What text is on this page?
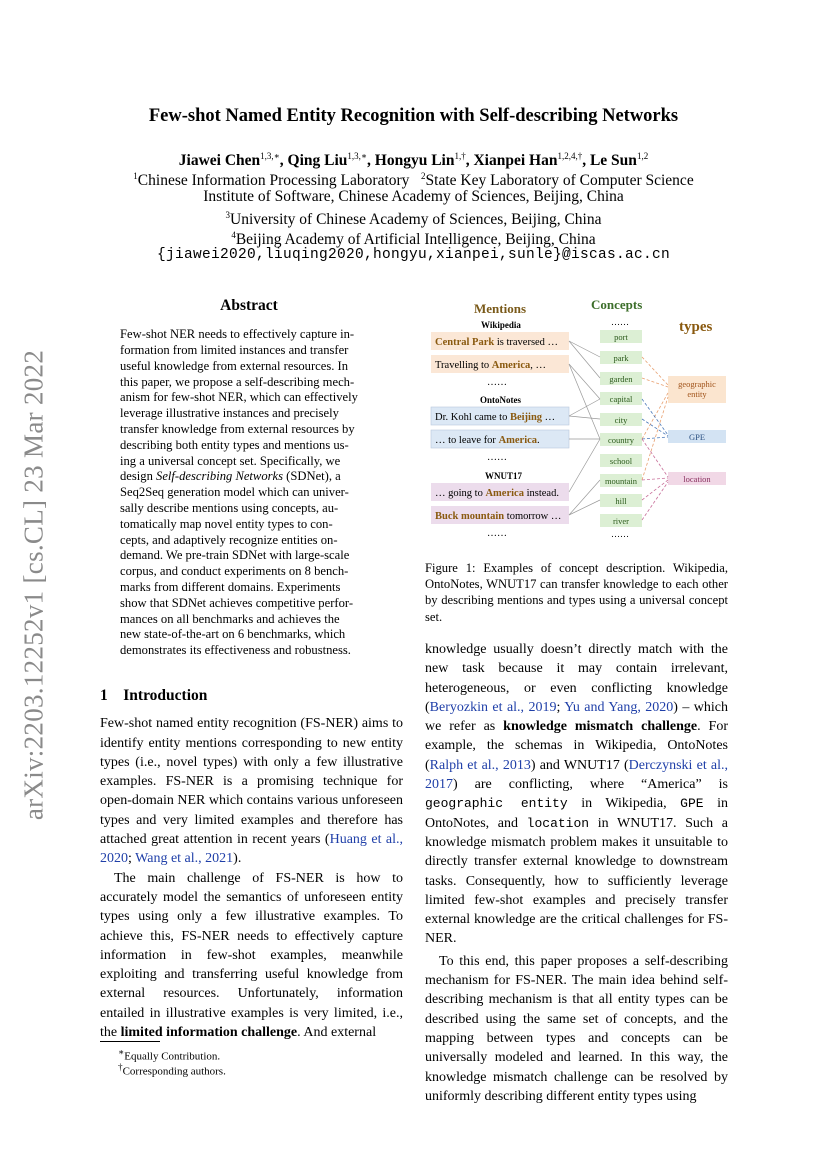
arXiv:2203.12252v1 [cs.CL] 23 Mar 2022
Few-shot Named Entity Recognition with Self-describing Networks
Jiawei Chen$^{1,3,∗}$, Qing Liu$^{1,3,∗}$, Hongyu Lin$^{1,\dagger}$, Xianpei Han$^{1,2,4,\dagger}$, Le Sun$^{1,2}$
$^1$Chinese Information Processing Laboratory $^2$State Key Laboratory of Computer Science
Institute of Software, Chinese Academy of Sciences, Beijing, China
$^3$University of Chinese Academy of Sciences, Beijing, China
$^4$Beijing Academy of Artificial Intelligence, Beijing, China
{jiawei2020,liuqing2020,hongyu,xianpei,sunle}@iscas.ac.cn
Abstract
Few-shot NER needs to effectively capture in-
formation from limited instances and transfer
useful knowledge from external resources. In
this paper, we propose a self-describing mech-
anism for few-shot NER, which can effectively
leverage illustrative instances and precisely
transfer knowledge from external resources by
describing both entity types and mentions us-
ing a universal concept set. Specifically, we
design Self-describing Networks (SDNet), a
Seq2Seq generation model which can univer-
sally describe mentions using concepts, au-
tomatically map novel entity types to con-
cepts, and adaptively recognize entities on-
demand. We pre-train SDNet with large-scale
corpus, and conduct experiments on 8 bench-
marks from different domains. Experiments
show that SDNet achieves competitive perfor-
mances on all benchmarks and achieves the
new state-of-the-art on 6 benchmarks, which
demonstrates its effectiveness and robustness.
1 Introduction

Few-shot named entity recognition (FS-NER) aims to identify entity mentions corresponding to new entity types (i.e., novel types) with only a few illustrative examples. FS-NER is a promising technique for open-domain NER which contains various unforeseen types and very limited examples and therefore has attached great attention in recent years (Huang et al., 2020; Wang et al., 2021).

The main challenge of FS-NER is how to accurately model the semantics of unforeseen entity types using only a few illustrative examples. To achieve this, FS-NER needs to effectively capture information in few-shot examples, meanwhile exploiting and transferring useful knowledge from external resources. Unfortunately, information entailed in illustrative examples is very limited, i.e., the limited information challenge. And external

∗Equally Contribution.
†Corresponding authors.
Mentions	Concepts
types
Wikipedia
Central Park is traversed …
Travelling to America, …
……
OntoNotes
Dr. Kohl came to Beijing …
… to leave for America.
……
WNUT17
… going to America instead.
Buck mountain tomorrow …
……
……
port
park
garden
capital
city
country
school
mountain
hill
river
……
geographic
entity
GPE
location
Figure 1: Examples of concept description. Wikipedia, OntoNotes, WNUT17 can transfer knowledge to each other by describing mentions and types using a universal concept set.

knowledge usually doesn’t directly match with the new task because it may contain irrelevant, heterogeneous, or even conflicting knowledge (Beryozkin et al., 2019; Yu and Yang, 2020) – which we refer as knowledge mismatch challenge. For example, the schemas in Wikipedia, OntoNotes (Ralph et al., 2013) and WNUT17 (Derczynski et al., 2017) are conflicting, where “America” is geographic entity in Wikipedia, GPE in OntoNotes, and location in WNUT17. Such a knowledge mismatch problem makes it unsuitable to directly transfer external knowledge to downstream tasks. Consequently, how to sufficiently leverage limited few-shot examples and precisely transfer external knowledge are the critical challenges for FS-NER.

To this end, this paper proposes a self-describing mechanism for FS-NER. The main idea behind self-describing mechanism is that all entity types can be described using the same set of concepts, and the mapping between types and concepts can be universally modeled and learned. In this way, the knowledge mismatch challenge can be resolved by uniformly describing different entity types using
